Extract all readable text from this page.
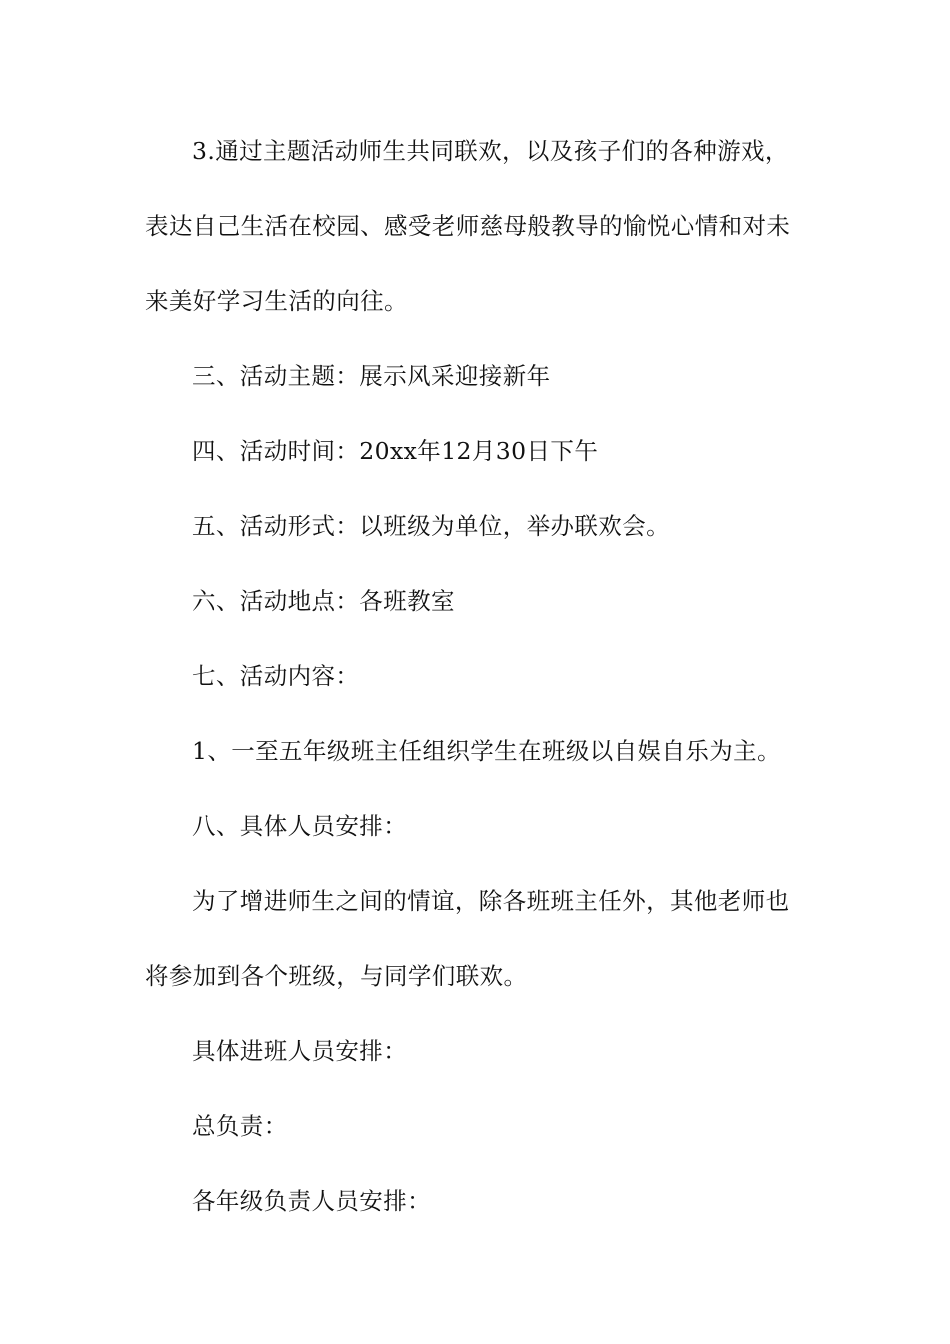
3.通过主题活动师生共同联欢，以及孩子们的各种游戏，
表达自己生活在校园、感受老师慈母般教导的愉悦心情和对未
来美好学习生活的向往。
三、活动主题：展示风采迎接新年
四、活动时间：20xx年12月30日下午
五、活动形式：以班级为单位，举办联欢会。
六、活动地点：各班教室
七、活动内容：
1、一至五年级班主任组织学生在班级以自娱自乐为主。
八、具体人员安排：
为了增进师生之间的情谊，除各班班主任外，其他老师也
将参加到各个班级，与同学们联欢。
具体进班人员安排：
总负责：
各年级负责人员安排：
